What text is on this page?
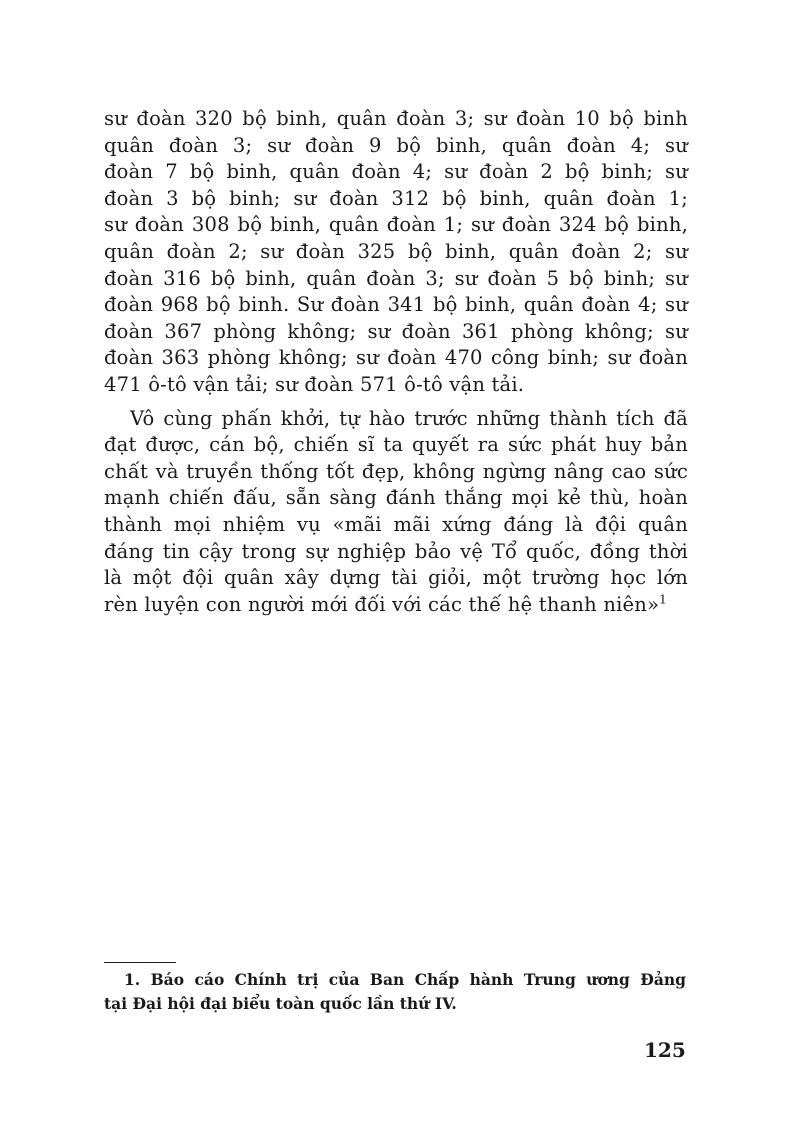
sư đoàn 320 bộ binh, quân đoàn 3; sư đoàn 10 bộ binh
quân đoàn 3; sư đoàn 9 bộ binh, quân đoàn 4; sư
đoàn 7 bộ binh, quân đoàn 4; sư đoàn 2 bộ binh; sư
đoàn 3 bộ binh; sư đoàn 312 bộ binh, quân đoàn 1;
sư đoàn 308 bộ binh, quân đoàn 1; sư đoàn 324 bộ binh,
quân đoàn 2; sư đoàn 325 bộ binh, quân đoàn 2; sư
đoàn 316 bộ binh, quân đoàn 3; sư đoàn 5 bộ binh; sư
đoàn 968 bộ binh. Sư đoàn 341 bộ binh, quân đoàn 4; sư
đoàn 367 phòng không; sư đoàn 361 phòng không; sư
đoàn 363 phòng không; sư đoàn 470 công binh; sư đoàn
471 ô-tô vận tải; sư đoàn 571 ô-tô vận tải.

Vô cùng phấn khởi, tự hào trước những thành tích đã
đạt được, cán bộ, chiến sĩ ta quyết ra sức phát huy bản
chất và truyền thống tốt đẹp, không ngừng nâng cao sức
mạnh chiến đấu, sẵn sàng đánh thắng mọi kẻ thù, hoàn
thành mọi nhiệm vụ «mãi mãi xứng đáng là đội quân
đáng tin cậy trong sự nghiệp bảo vệ Tổ quốc, đồng thời
là một đội quân xây dựng tài giỏi, một trường học lớn
rèn luyện con người mới đối với các thế hệ thanh niên»$^1$

1. Báo cáo Chính trị của Ban Chấp hành Trung ương Đảng
tại Đại hội đại biểu toàn quốc lần thứ IV.
125
